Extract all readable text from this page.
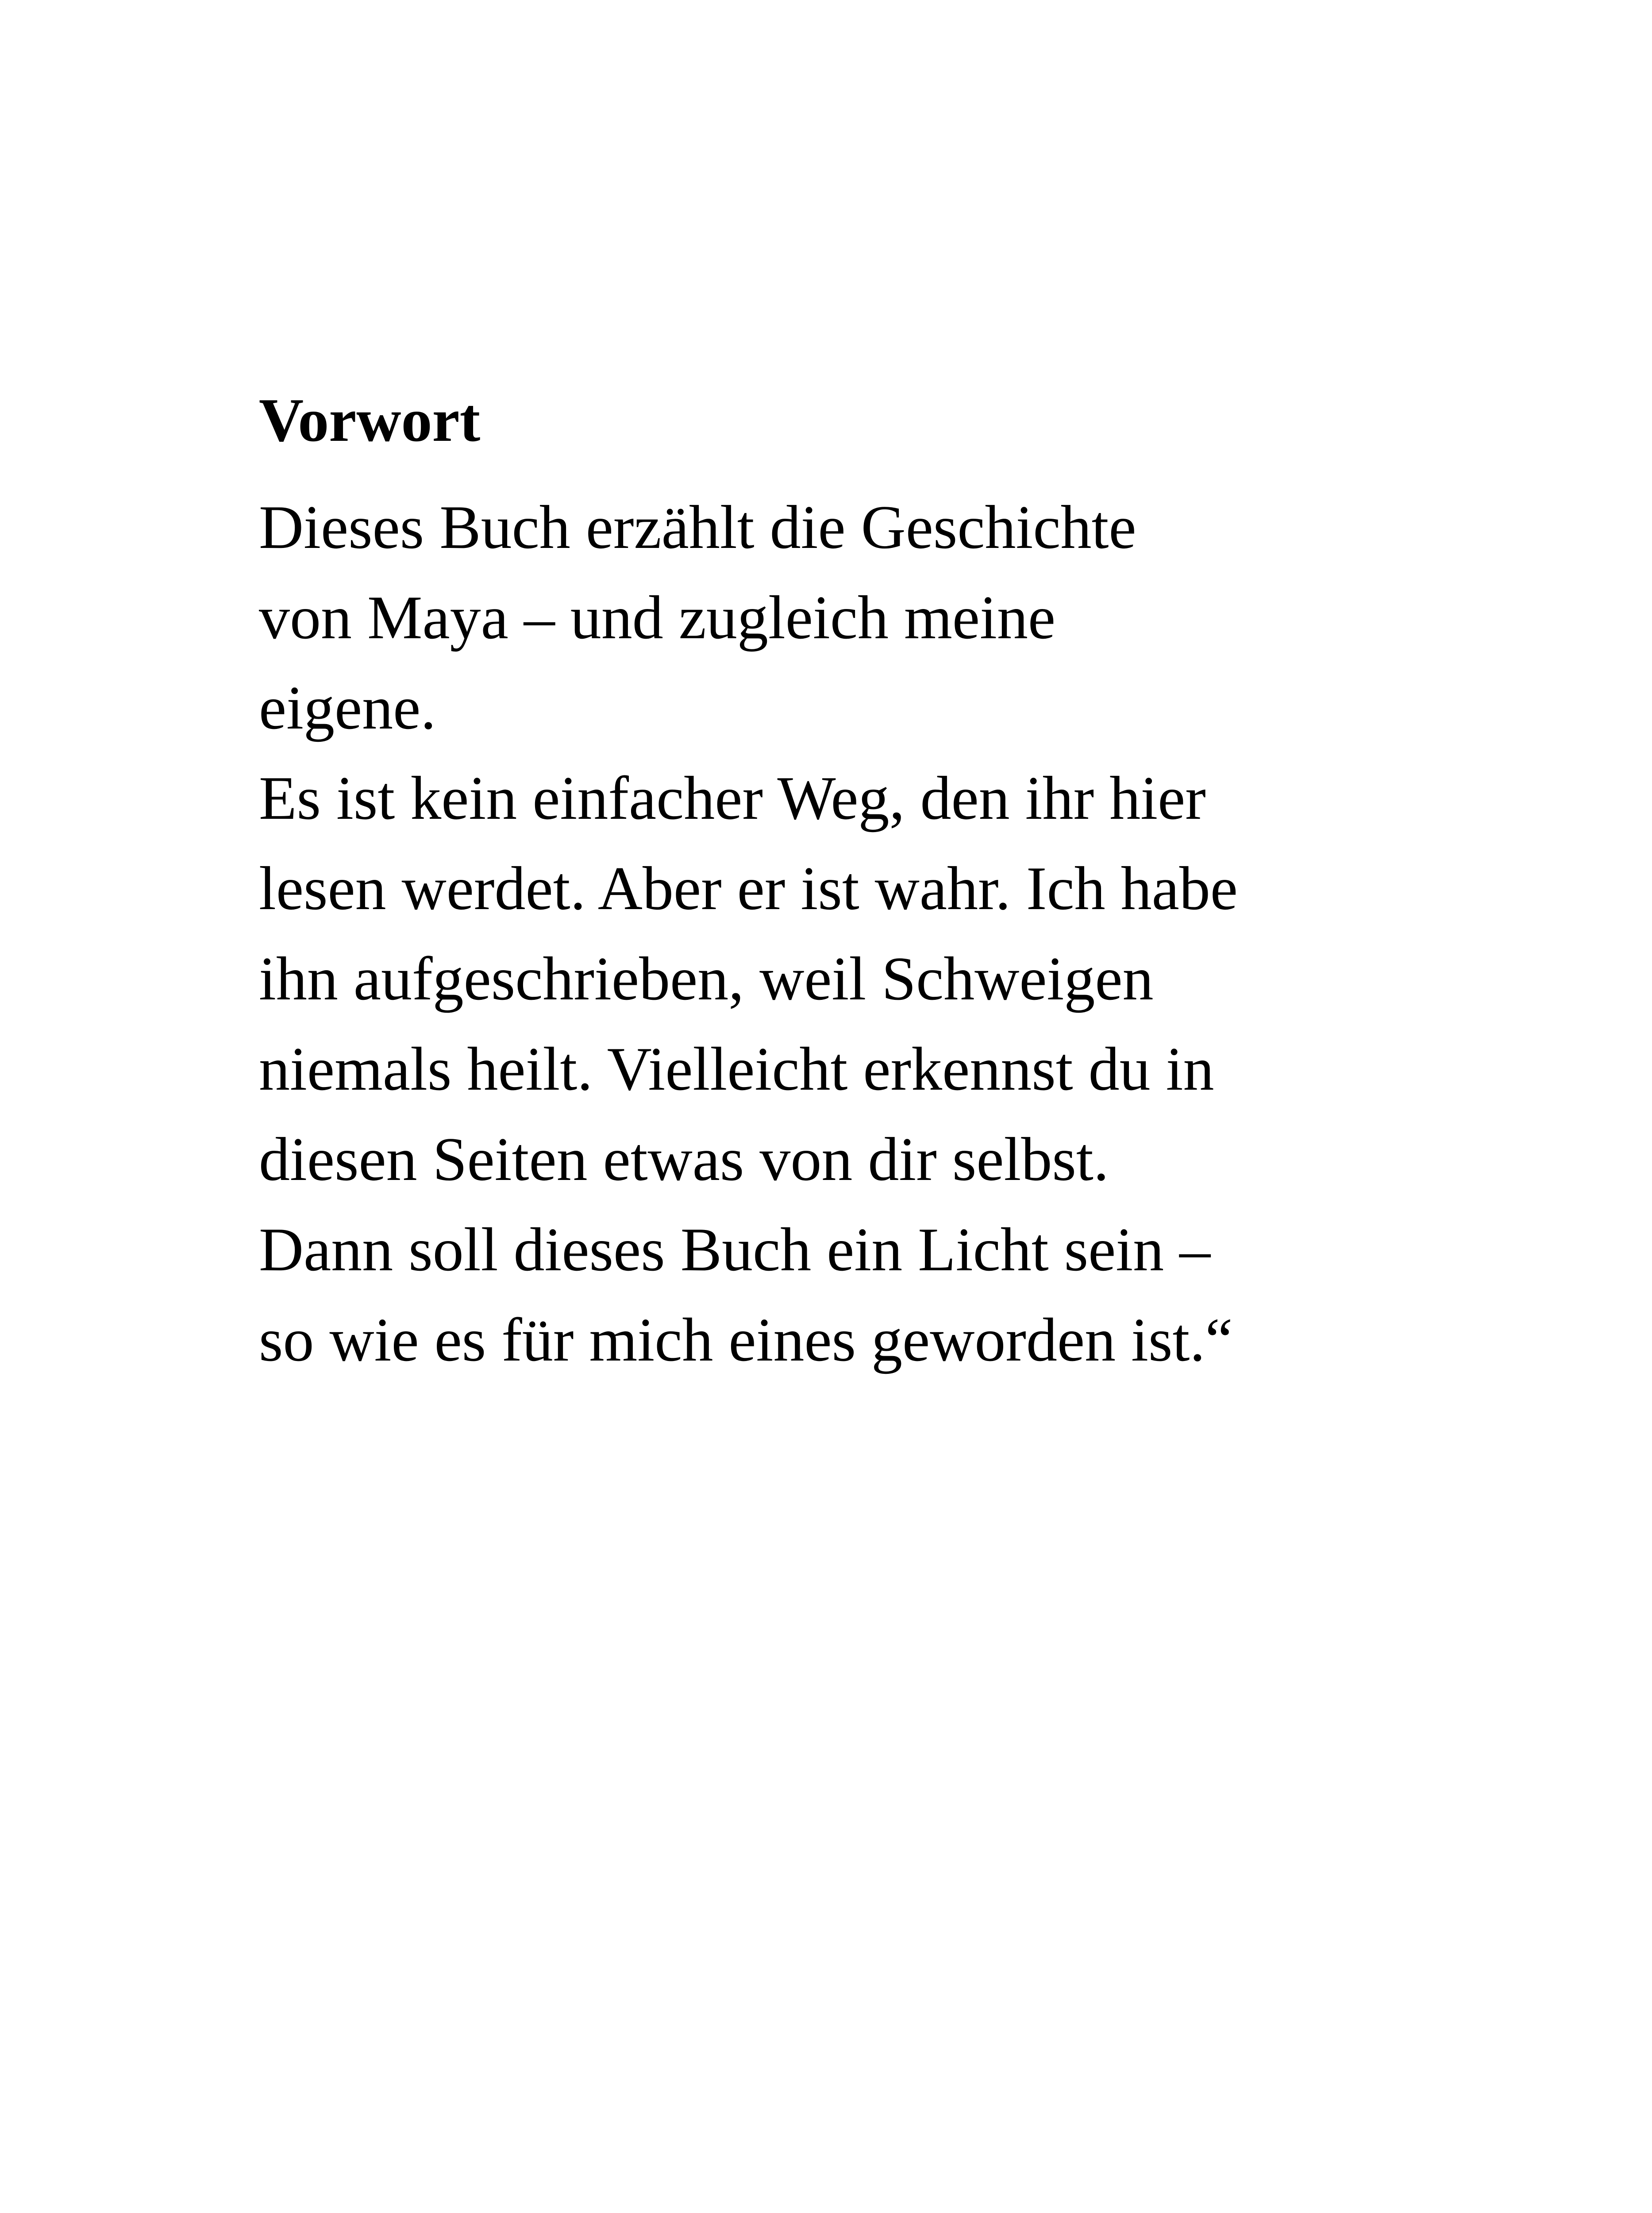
Vorwort
Dieses Buch erzählt die Geschichte
von Maya – und zugleich meine
eigene.
Es ist kein einfacher Weg, den ihr hier
lesen werdet. Aber er ist wahr. Ich habe
ihn aufgeschrieben, weil Schweigen
niemals heilt. Vielleicht erkennst du in
diesen Seiten etwas von dir selbst.
Dann soll dieses Buch ein Licht sein –
so wie es für mich eines geworden ist.“
